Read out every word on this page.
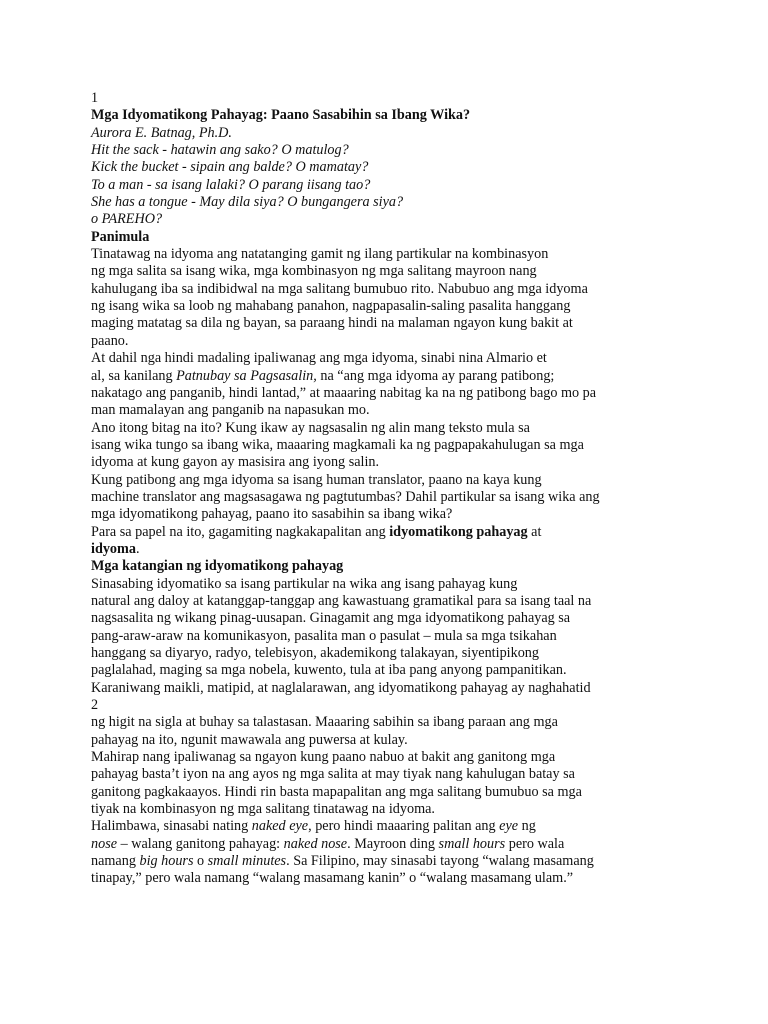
1
Mga Idyomatikong Pahayag: Paano Sasabihin sa Ibang Wika?
Aurora E. Batnag, Ph.D.
Hit the sack - hatawin ang sako? O matulog?
Kick the bucket - sipain ang balde? O mamatay?
To a man - sa isang lalaki? O parang iisang tao?
She has a tongue - May dila siya? O bungangera siya?
o PAREHO?
Panimula
Tinatawag na idyoma ang natatanging gamit ng ilang partikular na kombinasyon
ng mga salita sa isang wika, mga kombinasyon ng mga salitang mayroon nang
kahulugang iba sa indibidwal na mga salitang bumubuo rito. Nabubuo ang mga idyoma
ng isang wika sa loob ng mahabang panahon, nagpapasalin-saling pasalita hanggang
maging matatag sa dila ng bayan, sa paraang hindi na malaman ngayon kung bakit at
paano.
At dahil nga hindi madaling ipaliwanag ang mga idyoma, sinabi nina Almario et
al, sa kanilang Patnubay sa Pagsasalin, na “ang mga idyoma ay parang patibong;
nakatago ang panganib, hindi lantad,” at maaaring nabitag ka na ng patibong bago mo pa
man mamalayan ang panganib na napasukan mo.
Ano itong bitag na ito? Kung ikaw ay nagsasalin ng alin mang teksto mula sa
isang wika tungo sa ibang wika, maaaring magkamali ka ng pagpapakahulugan sa mga
idyoma at kung gayon ay masisira ang iyong salin.
Kung patibong ang mga idyoma sa isang human translator, paano na kaya kung
machine translator ang magsasagawa ng pagtutumbas? Dahil partikular sa isang wika ang
mga idyomatikong pahayag, paano ito sasabihin sa ibang wika?
Para sa papel na ito, gagamiting nagkakapalitan ang idyomatikong pahayag at
idyoma.
Mga katangian ng idyomatikong pahayag
Sinasabing idyomatiko sa isang partikular na wika ang isang pahayag kung
natural ang daloy at katanggap-tanggap ang kawastuang gramatikal para sa isang taal na
nagsasalita ng wikang pinag-uusapan. Ginagamit ang mga idyomatikong pahayag sa
pang-araw-araw na komunikasyon, pasalita man o pasulat – mula sa mga tsikahan
hanggang sa diyaryo, radyo, telebisyon, akademikong talakayan, siyentipikong
paglalahad, maging sa mga nobela, kuwento, tula at iba pang anyong pampanitikan.
Karaniwang maikli, matipid, at naglalarawan, ang idyomatikong pahayag ay naghahatid
2
ng higit na sigla at buhay sa talastasan. Maaaring sabihin sa ibang paraan ang mga
pahayag na ito, ngunit mawawala ang puwersa at kulay.
Mahirap nang ipaliwanag sa ngayon kung paano nabuo at bakit ang ganitong mga
pahayag basta’t iyon na ang ayos ng mga salita at may tiyak nang kahulugan batay sa
ganitong pagkakaayos. Hindi rin basta mapapalitan ang mga salitang bumubuo sa mga
tiyak na kombinasyon ng mga salitang tinatawag na idyoma.
Halimbawa, sinasabi nating naked eye, pero hindi maaaring palitan ang eye ng
nose – walang ganitong pahayag: naked nose. Mayroon ding small hours pero wala
namang big hours o small minutes. Sa Filipino, may sinasabi tayong “walang masamang
tinapay,” pero wala namang “walang masamang kanin” o “walang masamang ulam.”
